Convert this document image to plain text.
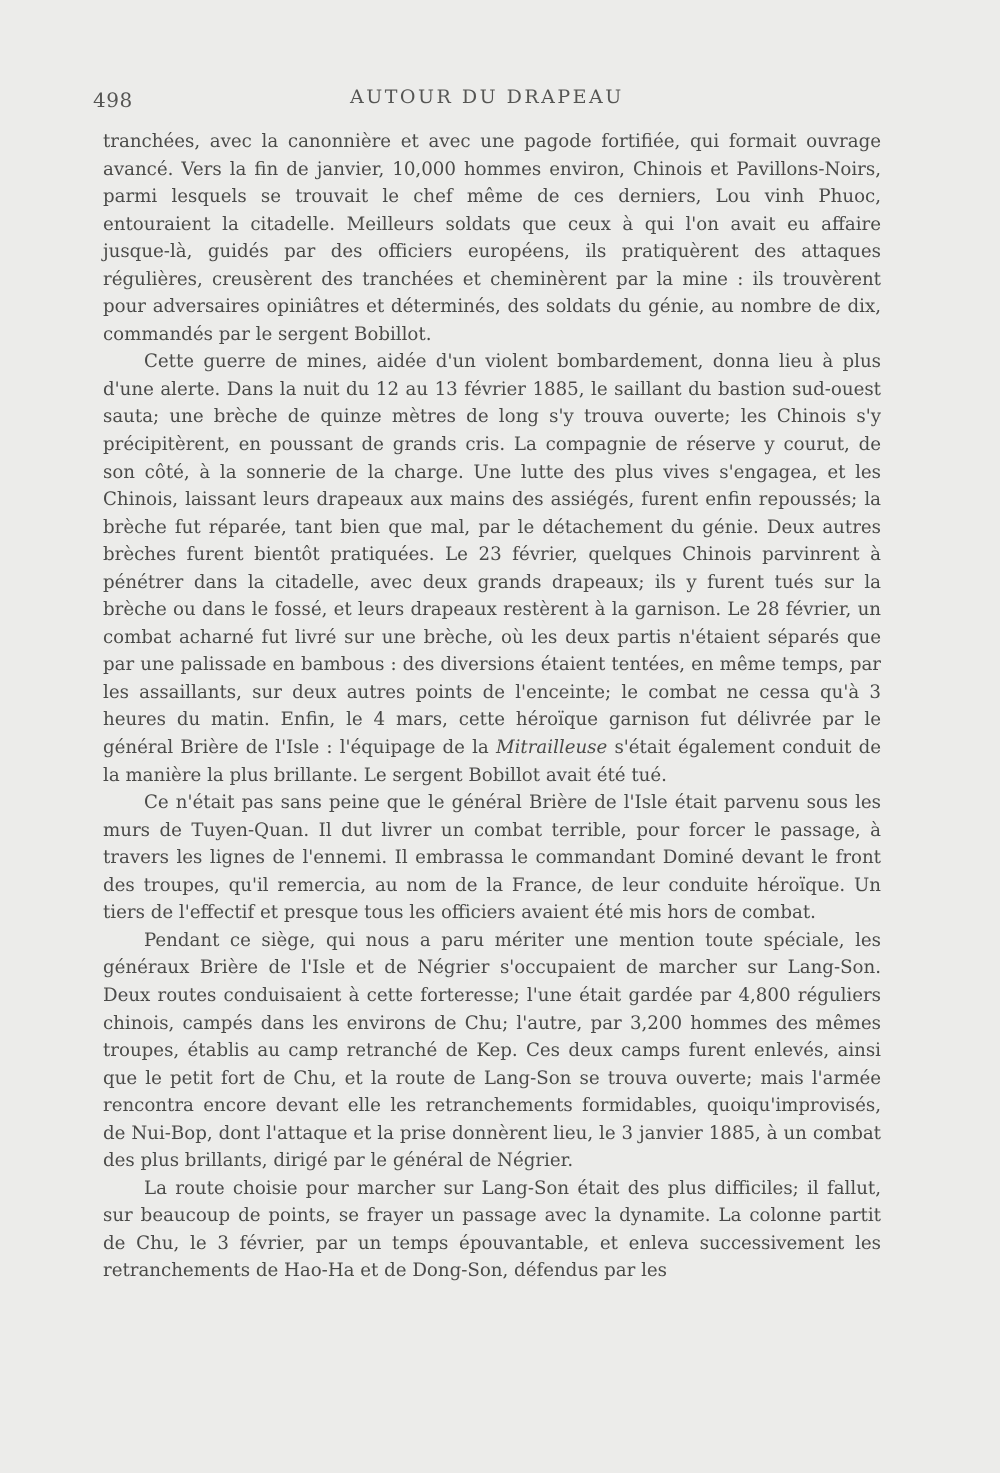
498	AUTOUR DU DRAPEAU

tranchées, avec la canonnière et avec une pagode fortifiée, qui formait ouvrage avancé. Vers la fin de janvier, 10,000 hommes environ, Chinois et Pavillons-Noirs, parmi lesquels se trouvait le chef même de ces derniers, Lou vinh Phuoc, entouraient la citadelle. Meilleurs soldats que ceux à qui l'on avait eu affaire jusque-là, guidés par des officiers européens, ils pratiquèrent des attaques régulières, creusèrent des tranchées et cheminèrent par la mine : ils trouvèrent pour adversaires opiniâtres et déterminés, des soldats du génie, au nombre de dix, commandés par le sergent Bobillot.

Cette guerre de mines, aidée d'un violent bombardement, donna lieu à plus d'une alerte. Dans la nuit du 12 au 13 février 1885, le saillant du bastion sud-ouest sauta; une brèche de quinze mètres de long s'y trouva ouverte; les Chinois s'y précipitèrent, en poussant de grands cris. La compagnie de réserve y courut, de son côté, à la sonnerie de la charge. Une lutte des plus vives s'engagea, et les Chinois, laissant leurs drapeaux aux mains des assiégés, furent enfin repoussés; la brèche fut réparée, tant bien que mal, par le détachement du génie. Deux autres brèches furent bientôt pratiquées. Le 23 février, quelques Chinois parvinrent à pénétrer dans la citadelle, avec deux grands drapeaux; ils y furent tués sur la brèche ou dans le fossé, et leurs drapeaux restèrent à la garnison. Le 28 février, un combat acharné fut livré sur une brèche, où les deux partis n'étaient séparés que par une palissade en bambous : des diversions étaient tentées, en même temps, par les assaillants, sur deux autres points de l'enceinte; le combat ne cessa qu'à 3 heures du matin. Enfin, le 4 mars, cette héroïque garnison fut délivrée par le général Brière de l'Isle : l'équipage de la Mitrailleuse s'était également conduit de la manière la plus brillante. Le sergent Bobillot avait été tué.

Ce n'était pas sans peine que le général Brière de l'Isle était parvenu sous les murs de Tuyen-Quan. Il dut livrer un combat terrible, pour forcer le passage, à travers les lignes de l'ennemi. Il embrassa le commandant Dominé devant le front des troupes, qu'il remercia, au nom de la France, de leur conduite héroïque. Un tiers de l'effectif et presque tous les officiers avaient été mis hors de combat.

Pendant ce siège, qui nous a paru mériter une mention toute spéciale, les généraux Brière de l'Isle et de Négrier s'occupaient de marcher sur Lang-Son. Deux routes conduisaient à cette forteresse; l'une était gardée par 4,800 réguliers chinois, campés dans les environs de Chu; l'autre, par 3,200 hommes des mêmes troupes, établis au camp retranché de Kep. Ces deux camps furent enlevés, ainsi que le petit fort de Chu, et la route de Lang-Son se trouva ouverte; mais l'armée rencontra encore devant elle les retranchements formidables, quoiqu'improvisés, de Nui-Bop, dont l'attaque et la prise donnèrent lieu, le 3 janvier 1885, à un combat des plus brillants, dirigé par le général de Négrier.

La route choisie pour marcher sur Lang-Son était des plus difficiles; il fallut, sur beaucoup de points, se frayer un passage avec la dynamite. La colonne partit de Chu, le 3 février, par un temps épouvantable, et enleva successivement les retranchements de Hao-Ha et de Dong-Son, défendus par les
